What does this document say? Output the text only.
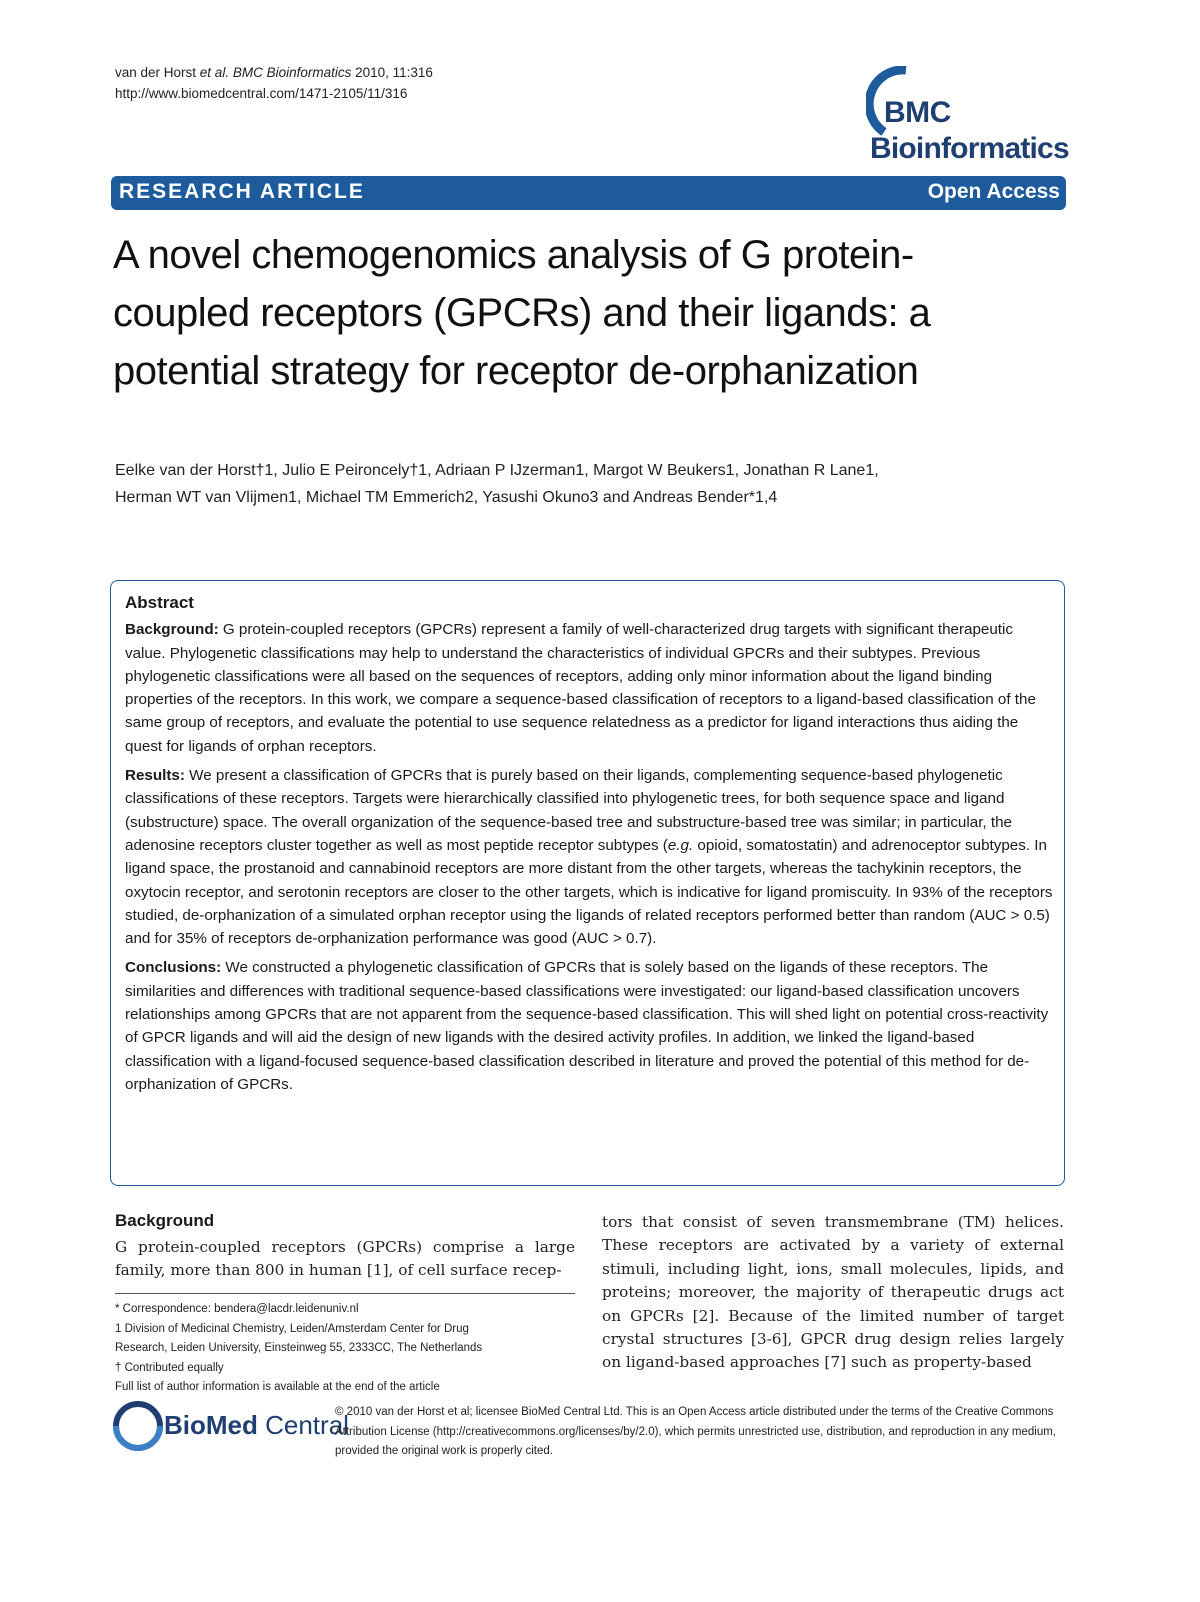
van der Horst et al. BMC Bioinformatics 2010, 11:316
http://www.biomedcentral.com/1471-2105/11/316
BMC
Bioinformatics
RESEARCH ARTICLE	Open Access
A novel chemogenomics analysis of G protein-coupled receptors (GPCRs) and their ligands: a potential strategy for receptor de-orphanization
Eelke van der Horst†1, Julio E Peironcely†1, Adriaan P IJzerman1, Margot W Beukers1, Jonathan R Lane1,
Herman WT van Vlijmen1, Michael TM Emmerich2, Yasushi Okuno3 and Andreas Bender*1,4
Abstract

Background: G protein-coupled receptors (GPCRs) represent a family of well-characterized drug targets with significant therapeutic value. Phylogenetic classifications may help to understand the characteristics of individual GPCRs and their subtypes. Previous phylogenetic classifications were all based on the sequences of receptors, adding only minor information about the ligand binding properties of the receptors. In this work, we compare a sequence-based classification of receptors to a ligand-based classification of the same group of receptors, and evaluate the potential to use sequence relatedness as a predictor for ligand interactions thus aiding the quest for ligands of orphan receptors.

Results: We present a classification of GPCRs that is purely based on their ligands, complementing sequence-based phylogenetic classifications of these receptors. Targets were hierarchically classified into phylogenetic trees, for both sequence space and ligand (substructure) space. The overall organization of the sequence-based tree and substructure-based tree was similar; in particular, the adenosine receptors cluster together as well as most peptide receptor subtypes (e.g. opioid, somatostatin) and adrenoceptor subtypes. In ligand space, the prostanoid and cannabinoid receptors are more distant from the other targets, whereas the tachykinin receptors, the oxytocin receptor, and serotonin receptors are closer to the other targets, which is indicative for ligand promiscuity. In 93% of the receptors studied, de-orphanization of a simulated orphan receptor using the ligands of related receptors performed better than random (AUC > 0.5) and for 35% of receptors de-orphanization performance was good (AUC > 0.7).

Conclusions: We constructed a phylogenetic classification of GPCRs that is solely based on the ligands of these receptors. The similarities and differences with traditional sequence-based classifications were investigated: our ligand-based classification uncovers relationships among GPCRs that are not apparent from the sequence-based classification. This will shed light on potential cross-reactivity of GPCR ligands and will aid the design of new ligands with the desired activity profiles. In addition, we linked the ligand-based classification with a ligand-focused sequence-based classification described in literature and proved the potential of this method for de-orphanization of GPCRs.

Background
G protein-coupled receptors (GPCRs) comprise a large family, more than 800 in human [1], of cell surface recep-
tors that consist of seven transmembrane (TM) helices. These receptors are activated by a variety of external stimuli, including light, ions, small molecules, lipids, and proteins; moreover, the majority of therapeutic drugs act on GPCRs [2]. Because of the limited number of target crystal structures [3-6], GPCR drug design relies largely on ligand-based approaches [7] such as property-based
* Correspondence: bendera@lacdr.leidenuniv.nl
1 Division of Medicinal Chemistry, Leiden/Amsterdam Center for Drug
Research, Leiden University, Einsteinweg 55, 2333CC, The Netherlands
† Contributed equally
Full list of author information is available at the end of the article
BioMed Central
© 2010 van der Horst et al; licensee BioMed Central Ltd. This is an Open Access article distributed under the terms of the Creative Commons Attribution License (http://creativecommons.org/licenses/by/2.0), which permits unrestricted use, distribution, and reproduction in any medium, provided the original work is properly cited.
